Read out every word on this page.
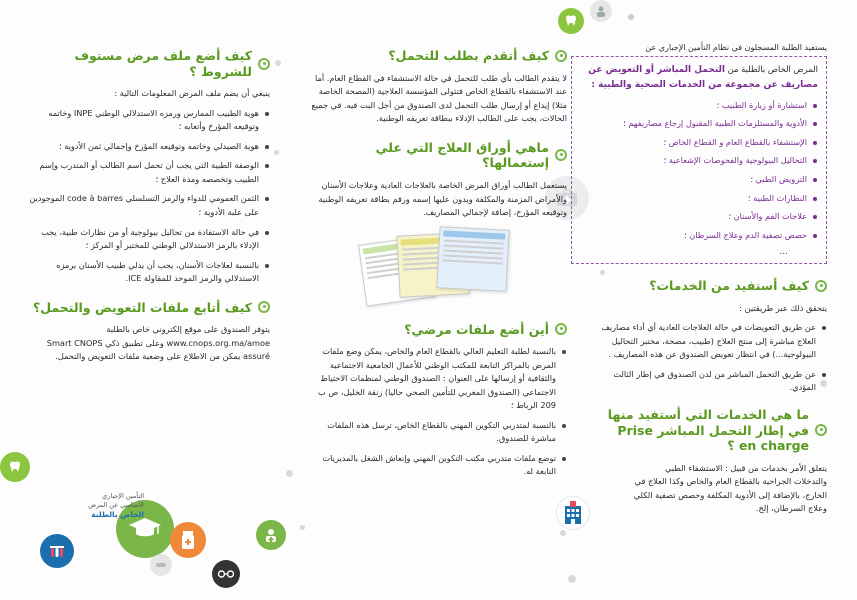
كيف أضع ملف مرض مستوف للشروط ؟

ينبغي أن يضم ملف المرض المعلومات التالية :

هوية الطبيب الممارس ورمزه الاستدلالي الوطني INPE وخاتمه وتوقيعه المؤرخ وأتعابه ؛
هوية الصيدلي وخاتمه وتوقيعه المؤرخ وإجمالي ثمن الأدوية ؛
الوصفة الطبية التي يجب أن تحمل اسم الطالب أو المتدرب وإسم الطبيب وتخصصه ومدة العلاج ؛
الثمن العمومي للدواء والرمز التسلسلي code à barres الموجودين على علبة الأدوية ؛
في حالة الاستفادة من تحاليل بيولوجية أو من نظارات طبية، يجب الإدلاء بالرمز الاستدلالي الوطني للمختبر أو المركز ؛
بالنسبة لعلاجات الأسنان، يجب أن يدلي طبيب الأسنان برمزه الاستدلالي والرمز الموحد للمقاولة ICE.
كيف أتابع ملفات التعويض والتحمل؟

يتوفر الصندوق على موقع إلكتروني خاص بالطلبة www.cnops.org.ma/amoe وعلى تطبيق ذكي Smart CNOPS assuré يمكن من الاطلاع على وضعية ملفات التعويض والتحمل.

التأمين الإجباري
الأساسي عن المرض
الخاص بالطلبة
كيف أتقدم بطلب للتحمل؟

لا يتقدم الطالب بأي طلب للتحمل في حالة الاستشفاء في القطاع العام. أما عند الاستشفاء بالقطاع الخاص فتتولى المؤسسة العلاجية (المصحة الخاصة مثلا) إيداع أو إرسال طلب التحمل لدى الصندوق من أجل البت فيه. في جميع الحالات، يجب على الطالب الإدلاء ببطاقة تعريفه الوطنية.

ماهي أوراق العلاج التي علي إستعمالها؟

يستعمل الطالب أوراق المرض الخاصة بالعلاجات العادية وعلاجات الأسنان والأمراض المزمنة والمكلفة ويدون عليها إسمه ورقم بطاقة تعريفه الوطنية وتوقيعه المؤرخ، إضافة لإجمالي المصاريف.

أين أضع ملفات مرضي؟
بالنسبة لطلبة التعليم العالي بالقطاع العام والخاص، يمكن وضع ملفات المرض بالمراكز التابعة للمكتب الوطني للأعمال الجامعية الاجتماعية والثقافية أو إرسالها على العنوان : الصندوق الوطني لمنظمات الاحتياط الاجتماعي (الصندوق المغربي للتأمين الصحي حاليا) زنقة الخليل، ص ب 209 الرباط ؛
بالنسبة لمتدربي التكوين المهني بالقطاع الخاص، ترسل هذه الملفات مباشرة للصندوق.
توضع ملفات متدربي مكتب التكوين المهني وإنعاش الشغل بالمديريات التابعة له.

يستفيد الطلبة المسجلون في نظام التأمين الإجباري عن

المرض الخاص بالطلبة من التحمل المباشر أو التعويض عن مصاريف عن مجموعة من الخدمات الصحية والطبية :

استشارة أو زيارة الطبيب ؛
الأدوية والمستلزمات الطبية المقبول إرجاع مصاريفهم ؛
الإستشفاء بالقطاع العام و القطاع الخاص ؛
التحاليل البيولوجية والفحوصات الإشعاعية ؛
الترويض الطبي ؛
النظارات الطبية ؛
علاجات الفم والأسنان ؛
حصص تصفية الدم وعلاج السرطان ؛
...
كيف أستفيد من الخدمات؟

يتحقق ذلك عبر طريقتين :

عن طريق التعويضات في حالة العلاجات العادية أي أداء مصاريف العلاج مباشرة إلى منتج العلاج (طبيب، مصحة، مختبر التحاليل البيولوجية...) في انتظار تعويض الصندوق عن هذه المصاريف .
عن طريق التحمل المباشر من لدن الصندوق في إطار الثالث المؤدي.
ما هي الخدمات التي أستفيد منها في إطار التحمل المباشر Prise en charge ؟

يتعلق الأمر بخدمات من قبيل : الاستشفاء الطبي والتدخلات الجراحية بالقطاع العام والخاص وكذا العلاج في الخارج، بالإضافة إلى الأدوية المكلفة وحصص تصفية الكلي وعلاج السرطان، إلخ.
